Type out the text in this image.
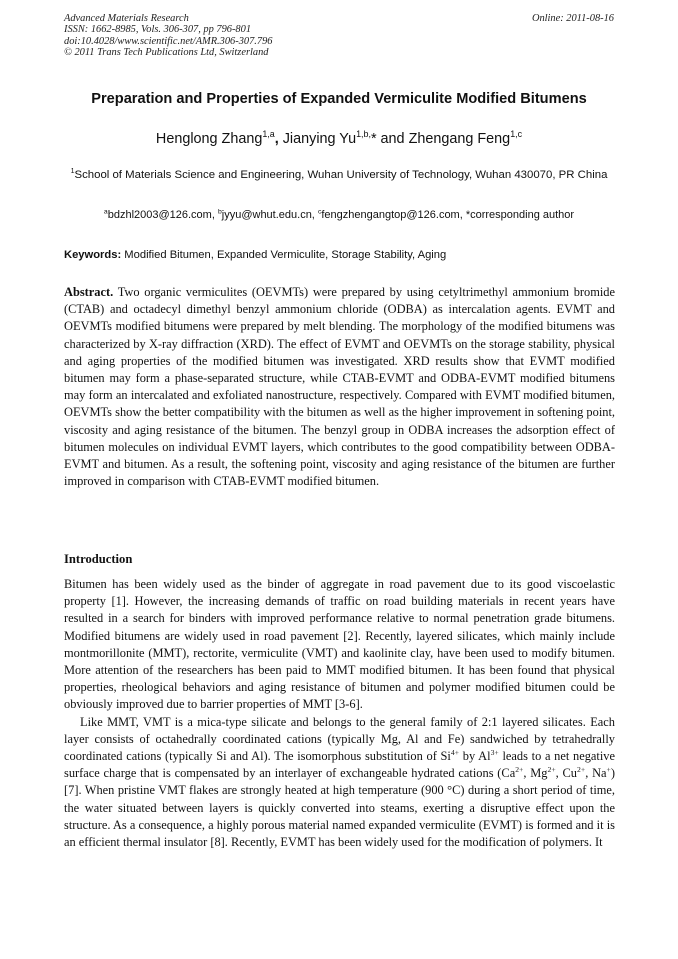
Advanced Materials Research
ISSN: 1662-8985, Vols. 306-307, pp 796-801
doi:10.4028/www.scientific.net/AMR.306-307.796
© 2011 Trans Tech Publications Ltd, Switzerland
Online: 2011-08-16
Preparation and Properties of Expanded Vermiculite Modified Bitumens
Henglong Zhang$^{1,a}$, Jianying $Yu^{1,b,}*$ and Zhengang Feng$^{1,c}$
$^1$School of Materials Science and Engineering, Wuhan University of Technology, Wuhan 430070, PR China
$^a$bdzhl2003@126.com, $^b$jyyu@whut.edu.cn, $^c$fengzhengangtop@126.com, *corresponding author
Keywords: Modified Bitumen, Expanded Vermiculite, Storage Stability, Aging
Abstract. Two organic vermiculites (OEVMTs) were prepared by using cetyltrimethyl ammonium bromide (CTAB) and octadecyl dimethyl benzyl ammonium chloride (ODBA) as intercalation agents. EVMT and OEVMTs modified bitumens were prepared by melt blending. The morphology of the modified bitumens was characterized by X-ray diffraction (XRD). The effect of EVMT and OEVMTs on the storage stability, physical and aging properties of the modified bitumen was investigated. XRD results show that EVMT modified bitumen may form a phase-separated structure, while CTAB-EVMT and ODBA-EVMT modified bitumens may form an intercalated and exfoliated nanostructure, respectively. Compared with EVMT modified bitumen, OEVMTs show the better compatibility with the bitumen as well as the higher improvement in softening point, viscosity and aging resistance of the bitumen. The benzyl group in ODBA increases the adsorption effect of bitumen molecules on individual EVMT layers, which contributes to the good compatibility between ODBA-EVMT and bitumen. As a result, the softening point, viscosity and aging resistance of the bitumen are further improved in comparison with CTAB-EVMT modified bitumen.
Introduction

Bitumen has been widely used as the binder of aggregate in road pavement due to its good viscoelastic property [1]. However, the increasing demands of traffic on road building materials in recent years have resulted in a search for binders with improved performance relative to normal penetration grade bitumens. Modified bitumens are widely used in road pavement [2]. Recently, layered silicates, which mainly include montmorillonite (MMT), rectorite, vermiculite (VMT) and kaolinite clay, have been used to modify bitumen. More attention of the researchers has been paid to MMT modified bitumen. It has been found that physical properties, rheological behaviors and aging resistance of bitumen and polymer modified bitumen could be obviously improved due to barrier properties of MMT [3-6].

Like MMT, VMT is a mica-type silicate and belongs to the general family of 2:1 layered silicates. Each layer consists of octahedrally coordinated cations (typically Mg, Al and Fe) sandwiched by tetrahedrally coordinated cations (typically Si and Al). The isomorphous substitution of $Si^{4+}$ by $Al^{3+}$ leads to a net negative surface charge that is compensated by an interlayer of exchangeable hydrated cations ($Ca^{2+}$, $Mg^{2+}$, $Cu^{2+}$, Na+) [7]. When pristine VMT flakes are strongly heated at high temperature (900 °C) during a short period of time, the water situated between layers is quickly converted into steams, exerting a disruptive effect upon the structure. As a consequence, a highly porous material named expanded vermiculite (EVMT) is formed and it is an efficient thermal insulator [8]. Recently, EVMT has been widely used for the modification of polymers. It
